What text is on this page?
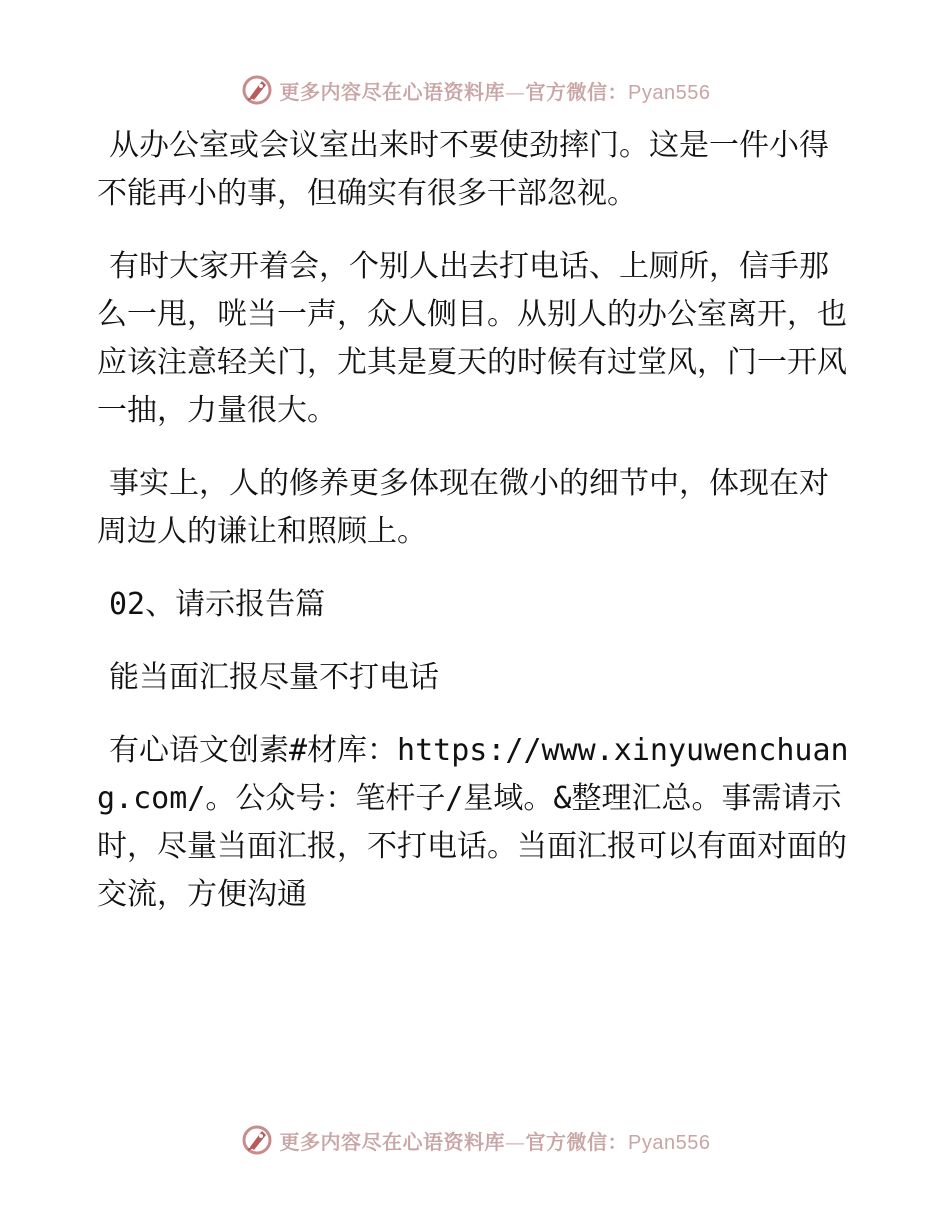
更多内容尽在心语资料库—官方微信：Pyan556

从办公室或会议室出来时不要使劲摔门。这是一件小得不能再小的事，但确实有很多干部忽视。

有时大家开着会，个别人出去打电话、上厕所，信手那么一甩，咣当一声，众人侧目。从别人的办公室离开，也应该注意轻关门，尤其是夏天的时候有过堂风，门一开风一抽，力量很大。

事实上，人的修养更多体现在微小的细节中，体现在对周边人的谦让和照顾上。

02、请示报告篇

能当面汇报尽量不打电话

有心语文创素#材库：https://www.xinyuwenchuang.com/。公众号：笔杆子/星域。&整理汇总。事需请示时，尽量当面汇报，不打电话。当面汇报可以有面对面的交流，方便沟通

更多内容尽在心语资料库—官方微信：Pyan556
